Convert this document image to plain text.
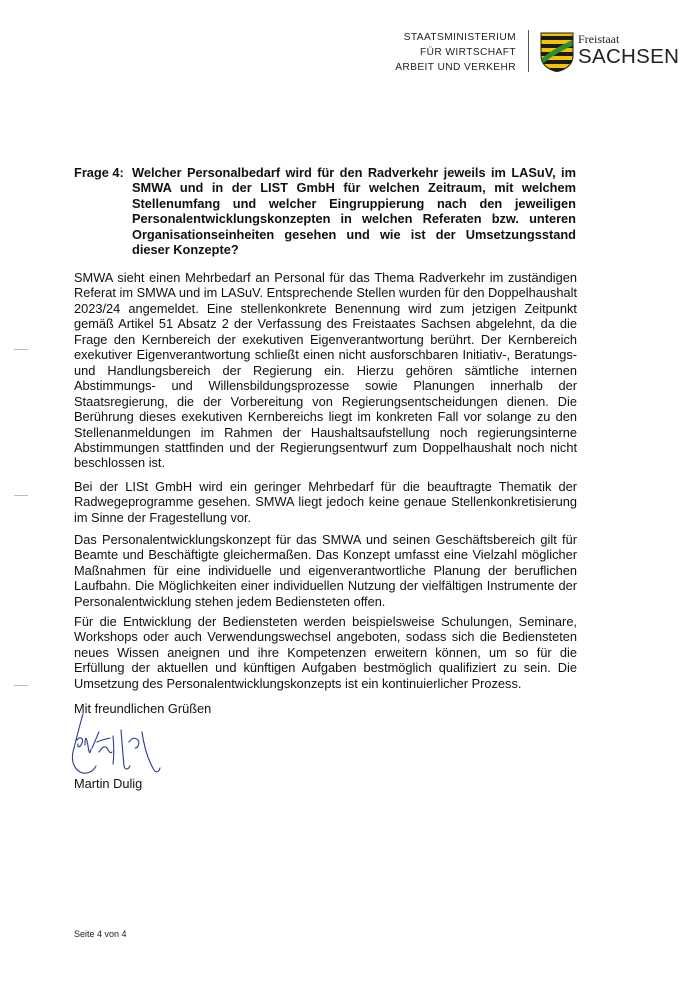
STAATSMINISTERIUM
FÜR WIRTSCHAFT
ARBEIT UND VERKEHR
Freistaat
SACHSEN
Frage 4: Welcher Personalbedarf wird für den Radverkehr jeweils im LASuV, im SMWA und in der LIST GmbH für welchen Zeitraum, mit welchem Stellenumfang und welcher Eingruppierung nach den jeweiligen Personalentwicklungskonzepten in welchen Referaten bzw. unteren Organisationseinheiten gesehen und wie ist der Umsetzungsstand dieser Konzepte?

SMWA sieht einen Mehrbedarf an Personal für das Thema Radverkehr im zuständigen Referat im SMWA und im LASuV. Entsprechende Stellen wurden für den Doppelhaushalt 2023/24 angemeldet. Eine stellenkonkrete Benennung wird zum jetzigen Zeitpunkt gemäß Artikel 51 Absatz 2 der Verfassung des Freistaates Sachsen abgelehnt, da die Frage den Kernbereich der exekutiven Eigenverantwortung berührt. Der Kernbereich exekutiver Eigenverantwortung schließt einen nicht ausforschbaren Initiativ-, Beratungs- und Handlungsbereich der Regierung ein. Hierzu gehören sämtliche internen Abstimmungs- und Willensbildungsprozesse sowie Planungen innerhalb der Staatsregierung, die der Vorbereitung von Regierungsentscheidungen dienen. Die Berührung dieses exekutiven Kernbereichs liegt im konkreten Fall vor solange zu den Stellenanmeldungen im Rahmen der Haushaltsaufstellung noch regierungsinterne Abstimmungen stattfinden und der Regierungsentwurf zum Doppelhaushalt noch nicht beschlossen ist.

Bei der LISt GmbH wird ein geringer Mehrbedarf für die beauftragte Thematik der Radwegeprogramme gesehen. SMWA liegt jedoch keine genaue Stellenkonkretisierung im Sinne der Fragestellung vor.

Das Personalentwicklungskonzept für das SMWA und seinen Geschäftsbereich gilt für Beamte und Beschäftigte gleichermaßen. Das Konzept umfasst eine Vielzahl möglicher Maßnahmen für eine individuelle und eigenverantwortliche Planung der beruflichen Laufbahn. Die Möglichkeiten einer individuellen Nutzung der vielfältigen Instrumente der Personalentwicklung stehen jedem Bediensteten offen.

Für die Entwicklung der Bediensteten werden beispielsweise Schulungen, Seminare, Workshops oder auch Verwendungswechsel angeboten, sodass sich die Bediensteten neues Wissen aneignen und ihre Kompetenzen erweitern können, um so für die Erfüllung der aktuellen und künftigen Aufgaben bestmöglich qualifiziert zu sein. Die Umsetzung des Personalentwicklungskonzepts ist ein kontinuierlicher Prozess.

Mit freundlichen Grüßen
Martin Dulig
Seite 4 von 4
